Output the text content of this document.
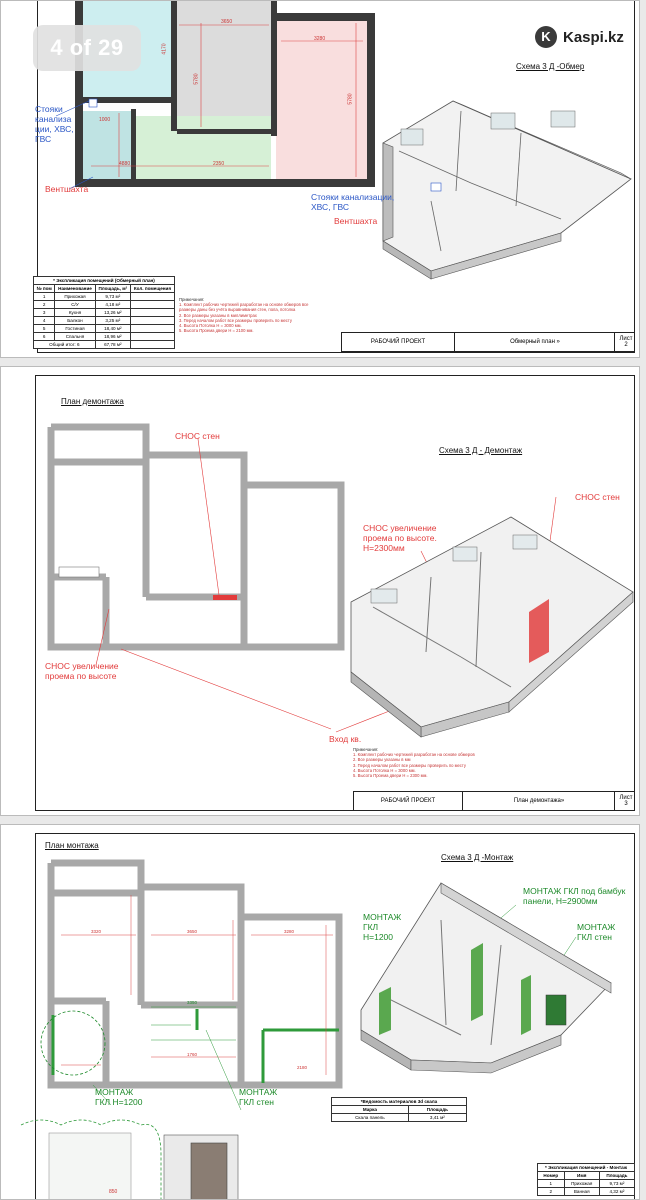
4 of 29	K Kaspi.kz
Схема 3 Д -Обмер
Стояки канализа ции, ХВС, ГВС
Стояки канализации, ХВС, ГВС
Вентшахта
Вентшахта
3650
3280
4170
5780
5780
1000
4880	2350
* Экспликация помещений (Обмерный план)			
№ пом	Наименование	Площадь, м²	Кол. помещения
1	Прихожая	9,73 м²	
2	С/У	4,18 м²	
3	Кухня	13,26 м²	
4	Балкон	3,25 м²	
5	Гостиная	18,40 м²	
6	Спальня	18,96 м²	
Общий итог: 6		67,78 м²	
Примечания:
1. Комплект рабочих чертежей разработан на основе обмеров все
размеры даны без учёта выравнивания стен, пола, потолка
2. Все размеры указаны в миллиметрах
3. Перед началом работ все размеры проверить по месту
4. Высота Потолка Н = 3000 мм.
5. Высота Проема двери Н = 2100 мм.
РАБОЧИЙ ПРОЕКТ	Обмерный план »	Лист
2
План демонтажа
Схема 3 Д - Демонтаж
СНОС стен
СНОС стен
СНОС увеличение проема по высоте. Н=2300мм
СНОС увеличение проема по высоте
Вход кв.
Примечания:
1. Комплект рабочих чертежей разработан на основе обмеров
2. Все размеры указаны в мм
3. Перед началом работ все размеры проверить по месту
4. Высота Потолка Н = 3000 мм.
5. Высота Проема двери Н = 2300 мм.
РАБОЧИЙ ПРОЕКТ	План демонтажа»	Лист
3
План монтажа
Схема 3 Д -Монтаж
МОНТАЖ ГКЛ Н=1200
МОНТАЖ ГКЛ под бамбук панели, Н=2900мм
МОНТАЖ ГКЛ стен
МОНТАЖ ГКЛ Н=1200
МОНТАЖ ГКЛ стен
3320	3650	3280
3350
1760
2180
*Ведомость материалов 3d скала	
Марка	Площадь
Скала панель	3,41 м²
* Экспликация помещений - Монтаж		
Номер	Имя	Площадь
1	Прихожая	9,73 м²
2	Ванная	4,32 м²
850
